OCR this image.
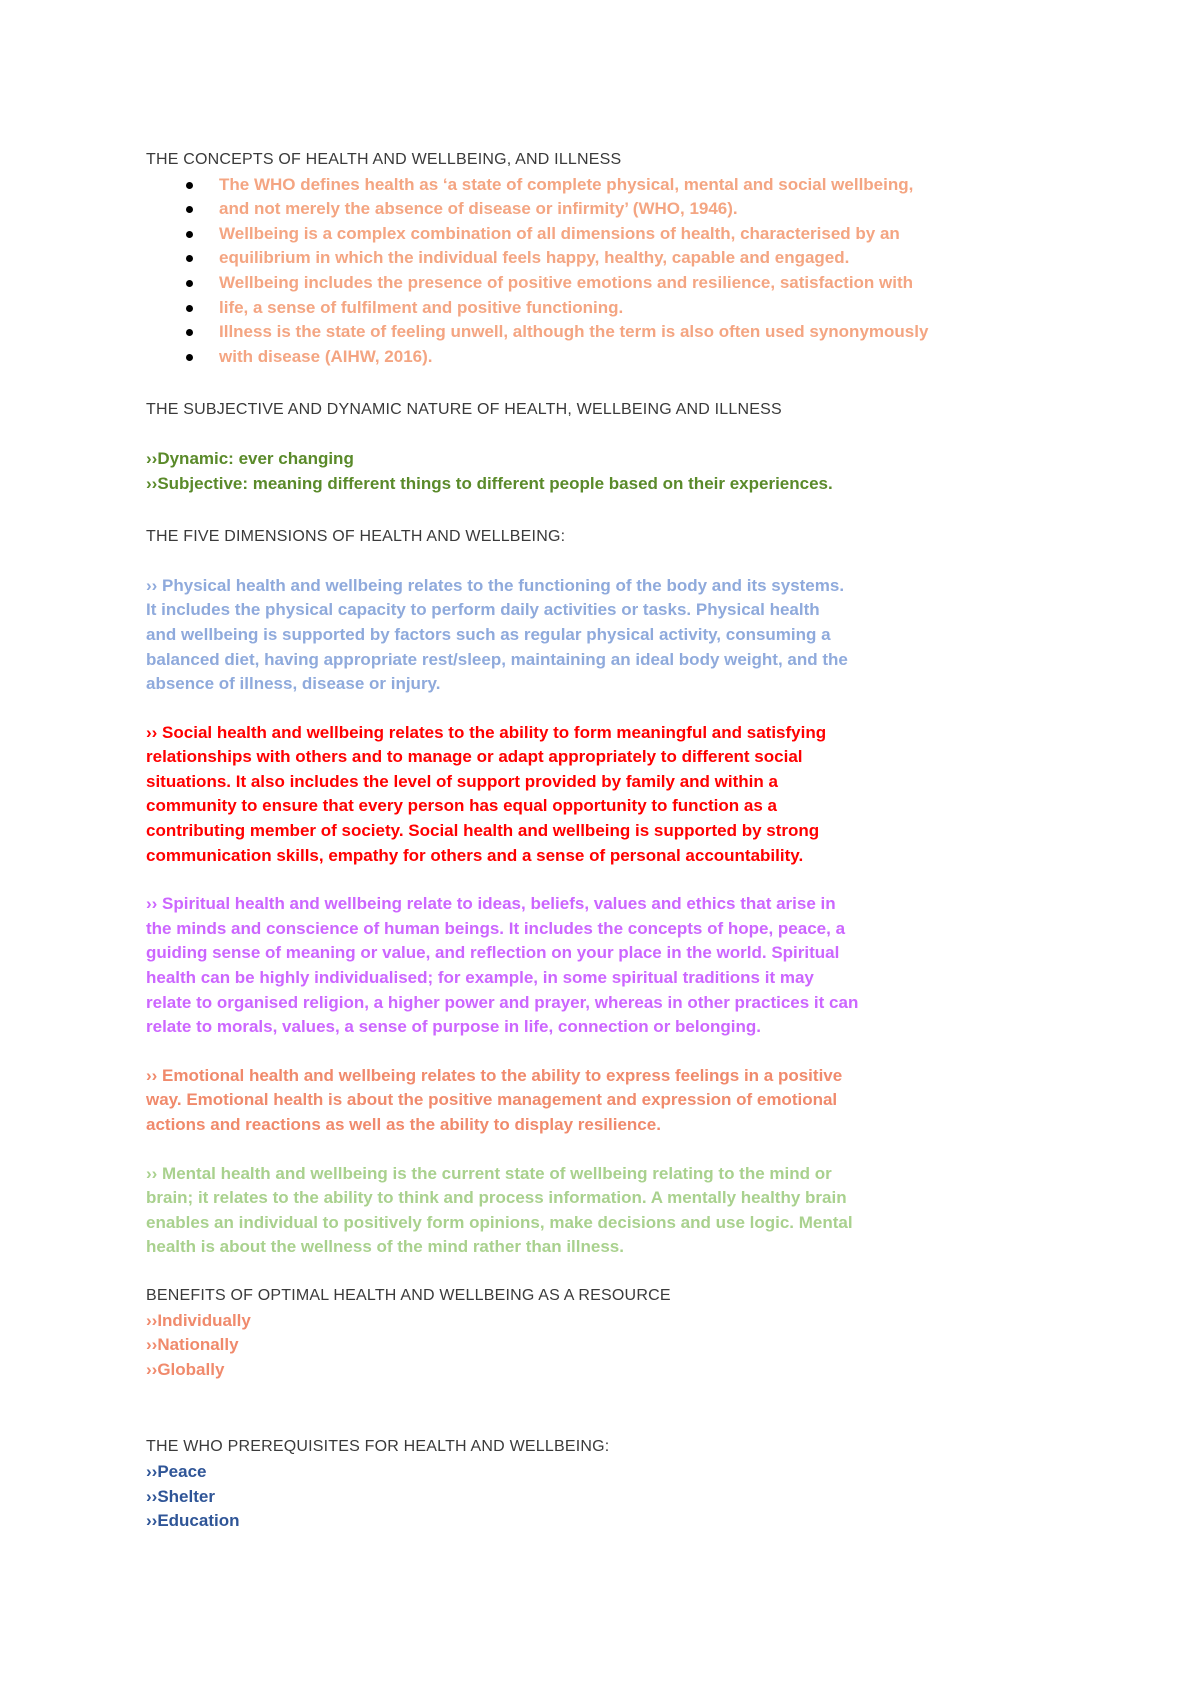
THE CONCEPTS OF HEALTH AND WELLBEING, AND ILLNESS
The WHO defines health as ‘a state of complete physical, mental and social wellbeing,
and not merely the absence of disease or infirmity’ (WHO, 1946).
Wellbeing is a complex combination of all dimensions of health, characterised by an
equilibrium in which the individual feels happy, healthy, capable and engaged.
Wellbeing includes the presence of positive emotions and resilience, satisfaction with
life, a sense of fulfilment and positive functioning.
Illness is the state of feeling unwell, although the term is also often used synonymously
with disease (AIHW, 2016).
THE SUBJECTIVE AND DYNAMIC NATURE OF HEALTH, WELLBEING AND ILLNESS
››Dynamic: ever changing
››Subjective: meaning different things to different people based on their experiences.
THE FIVE DIMENSIONS OF HEALTH AND WELLBEING:
›› Physical health and wellbeing relates to the functioning of the body and its systems.
It includes the physical capacity to perform daily activities or tasks. Physical health
and wellbeing is supported by factors such as regular physical activity, consuming a
balanced diet, having appropriate rest/sleep, maintaining an ideal body weight, and the
absence of illness, disease or injury.
›› Social health and wellbeing relates to the ability to form meaningful and satisfying
relationships with others and to manage or adapt appropriately to different social
situations. It also includes the level of support provided by family and within a
community to ensure that every person has equal opportunity to function as a
contributing member of society. Social health and wellbeing is supported by strong
communication skills, empathy for others and a sense of personal accountability.
›› Spiritual health and wellbeing relate to ideas, beliefs, values and ethics that arise in
the minds and conscience of human beings. It includes the concepts of hope, peace, a
guiding sense of meaning or value, and reflection on your place in the world. Spiritual
health can be highly individualised; for example, in some spiritual traditions it may
relate to organised religion, a higher power and prayer, whereas in other practices it can
relate to morals, values, a sense of purpose in life, connection or belonging.
›› Emotional health and wellbeing relates to the ability to express feelings in a positive
way. Emotional health is about the positive management and expression of emotional
actions and reactions as well as the ability to display resilience.
›› Mental health and wellbeing is the current state of wellbeing relating to the mind or
brain; it relates to the ability to think and process information. A mentally healthy brain
enables an individual to positively form opinions, make decisions and use logic. Mental
health is about the wellness of the mind rather than illness.
BENEFITS OF OPTIMAL HEALTH AND WELLBEING AS A RESOURCE
››Individually
››Nationally
››Globally
THE WHO PREREQUISITES FOR HEALTH AND WELLBEING:
››Peace
››Shelter
››Education
